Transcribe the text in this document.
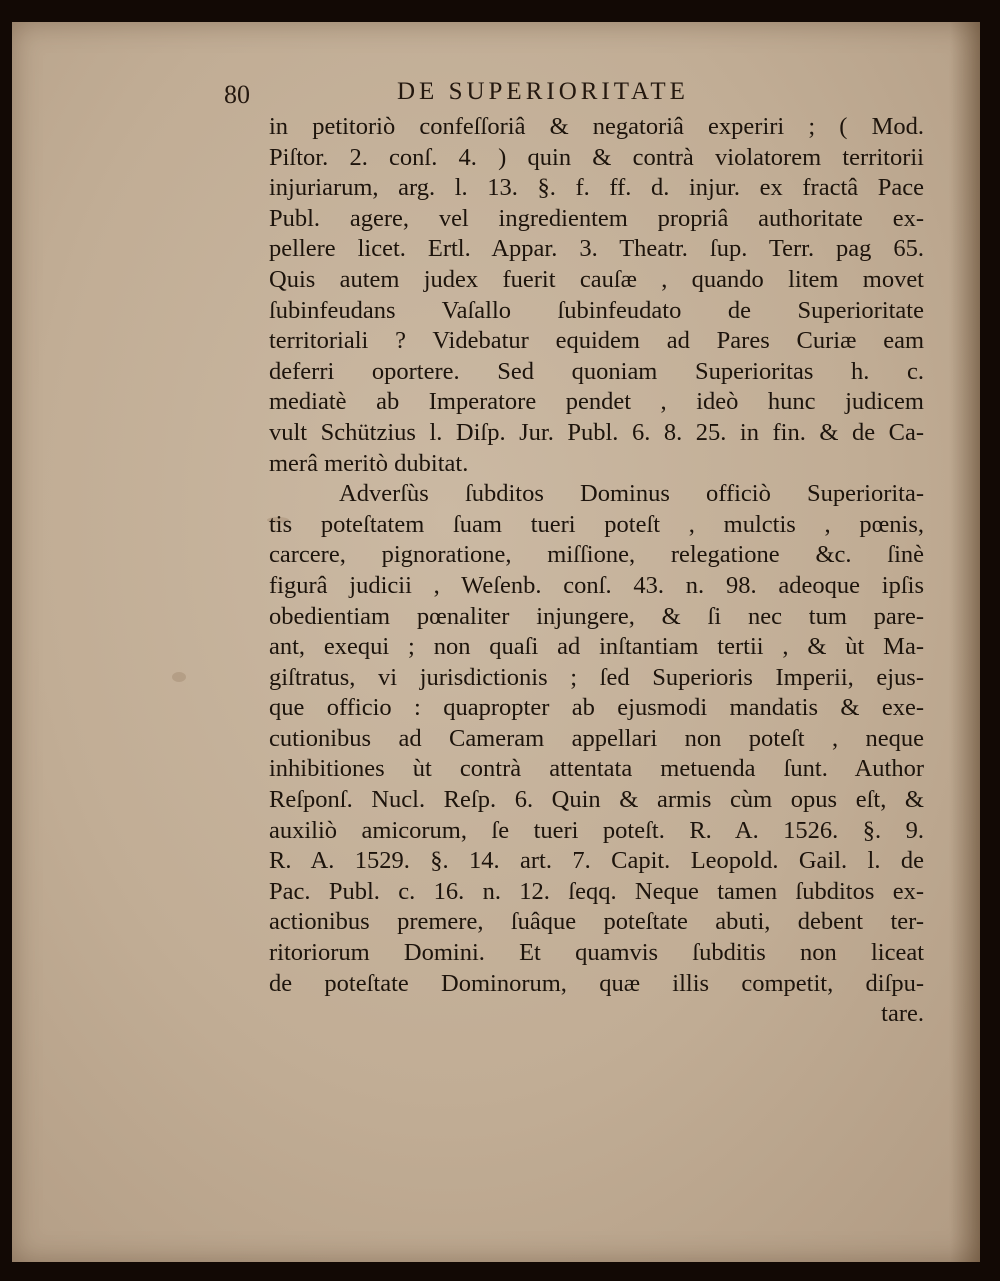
80	DE SUPERIORITATE
in petitoriò confeſſoriâ & negatoriâ experiri ; ( Mod.
Piſtor. 2. conſ. 4. ) quin & contrà violatorem territorii
injuriarum, arg. l. 13. §. f. ff. d. injur. ex fractâ Pace
Publ. agere, vel ingredientem propriâ authoritate ex-
pellere licet. Ertl. Appar. 3. Theatr. ſup. Terr. pag 65.
Quis autem judex fuerit cauſæ , quando litem movet
ſubinfeudans Vaſallo ſubinfeudato de Superioritate
territoriali ? Videbatur equidem ad Pares Curiæ eam
deferri oportere. Sed quoniam Superioritas h. c.
mediatè ab Imperatore pendet , ideò hunc judicem
vult Schützius l. Diſp. Jur. Publ. 6. 8. 25. in fin. & de Ca-
merâ meritò dubitat.
Adverſùs ſubditos Dominus officiò Superiorita-
tis poteſtatem ſuam tueri poteſt , mulctis , pœnis,
carcere, pignoratione, miſſione, relegatione &c. ſinè
figurâ judicii , Weſenb. conſ. 43. n. 98. adeoque ipſis
obedientiam pœnaliter injungere, & ſi nec tum pare-
ant, exequi ; non quaſi ad inſtantiam tertii , & ùt Ma-
giſtratus, vi jurisdictionis ; ſed Superioris Imperii, ejus-
que officio : quapropter ab ejusmodi mandatis & exe-
cutionibus ad Cameram appellari non poteſt , neque
inhibitiones ùt contrà attentata metuenda ſunt. Author
Reſponſ. Nucl. Reſp. 6. Quin & armis cùm opus eſt, &
auxiliò amicorum, ſe tueri poteſt. R. A. 1526. §. 9.
R. A. 1529. §. 14. art. 7. Capit. Leopold. Gail. l. de
Pac. Publ. c. 16. n. 12. ſeqq. Neque tamen ſubditos ex-
actionibus premere, ſuâque poteſtate abuti, debent ter-
ritoriorum Domini. Et quamvis ſubditis non liceat
de poteſtate Dominorum, quæ illis competit, diſpu-
tare.
